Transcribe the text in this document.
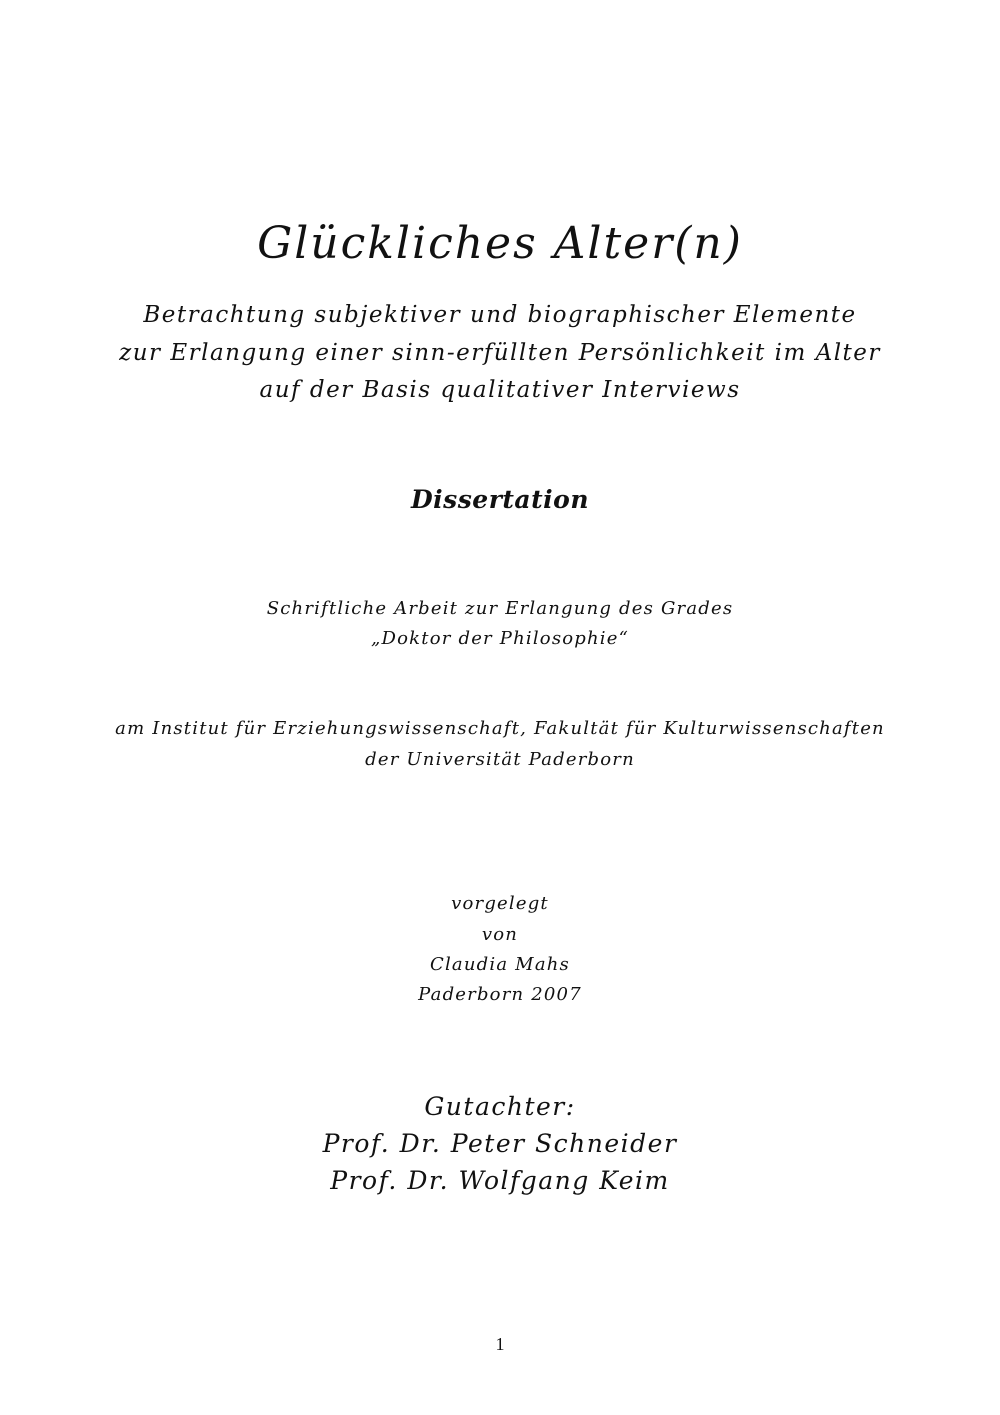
Glückliches Alter(n)
Betrachtung subjektiver und biographischer Elemente
zur Erlangung einer sinn-erfüllten Persönlichkeit im Alter
auf der Basis qualitativer Interviews
Dissertation
Schriftliche Arbeit zur Erlangung des Grades
„Doktor der Philosophie“
am Institut für Erziehungswissenschaft, Fakultät für Kulturwissenschaften
der Universität Paderborn
vorgelegt
von
Claudia Mahs
Paderborn 2007
Gutachter:
Prof. Dr. Peter Schneider
Prof. Dr. Wolfgang Keim
1
